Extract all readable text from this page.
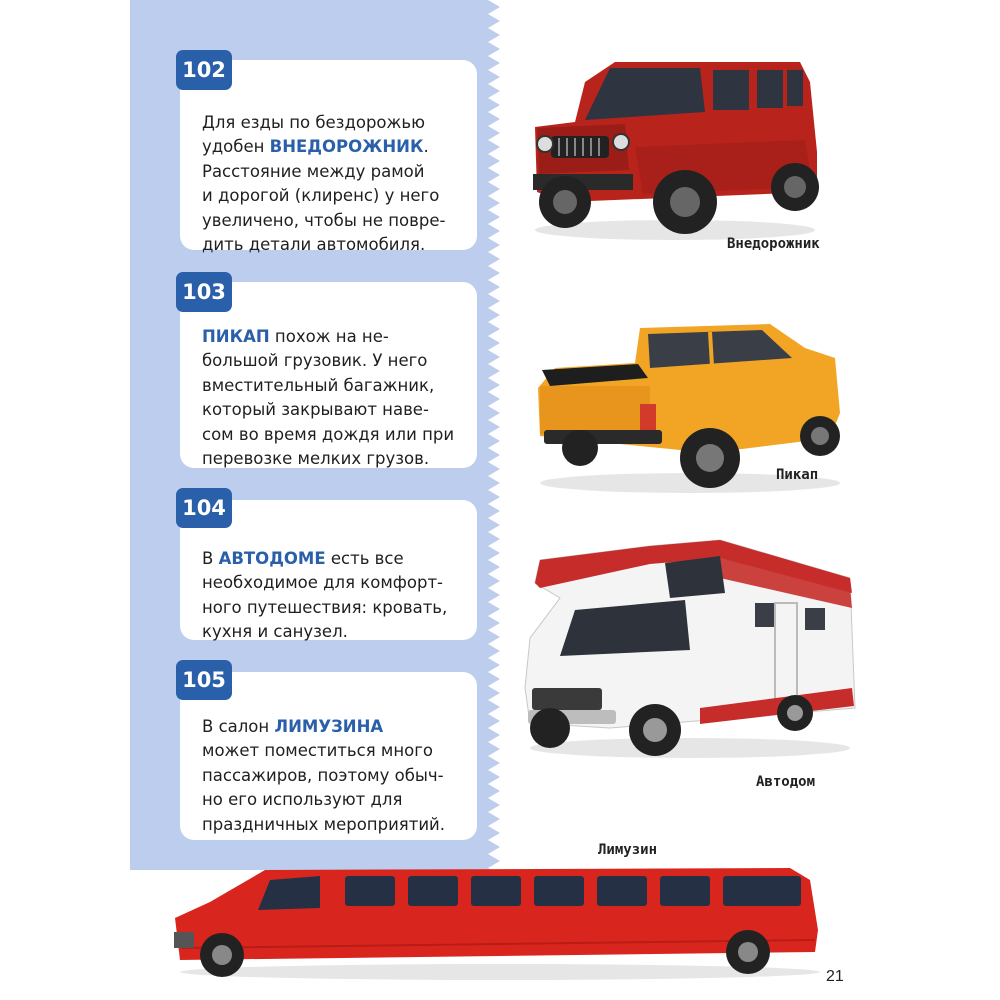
Для езды по бездорожью
удобен ВНЕДОРОЖНИК.
Расстояние между рамой
и дорогой (клиренс) у него
увеличено, чтобы не повре-
дить детали автомобиля.

102

ПИКАП похож на не-
большой грузовик. У него
вместительный багажник,
который закрывают наве-
сом во время дождя или при
перевозке мелких грузов.

103

В АВТОДОМЕ есть все
необходимое для комфорт-
ного путешествия: кровать,
кухня и санузел.

104

В салон ЛИМУЗИНА
может поместиться много
пассажиров, поэтому обыч-
но его используют для
праздничных мероприятий.

105
Внедорожник
Пикап
Автодом
Лимузин
21
